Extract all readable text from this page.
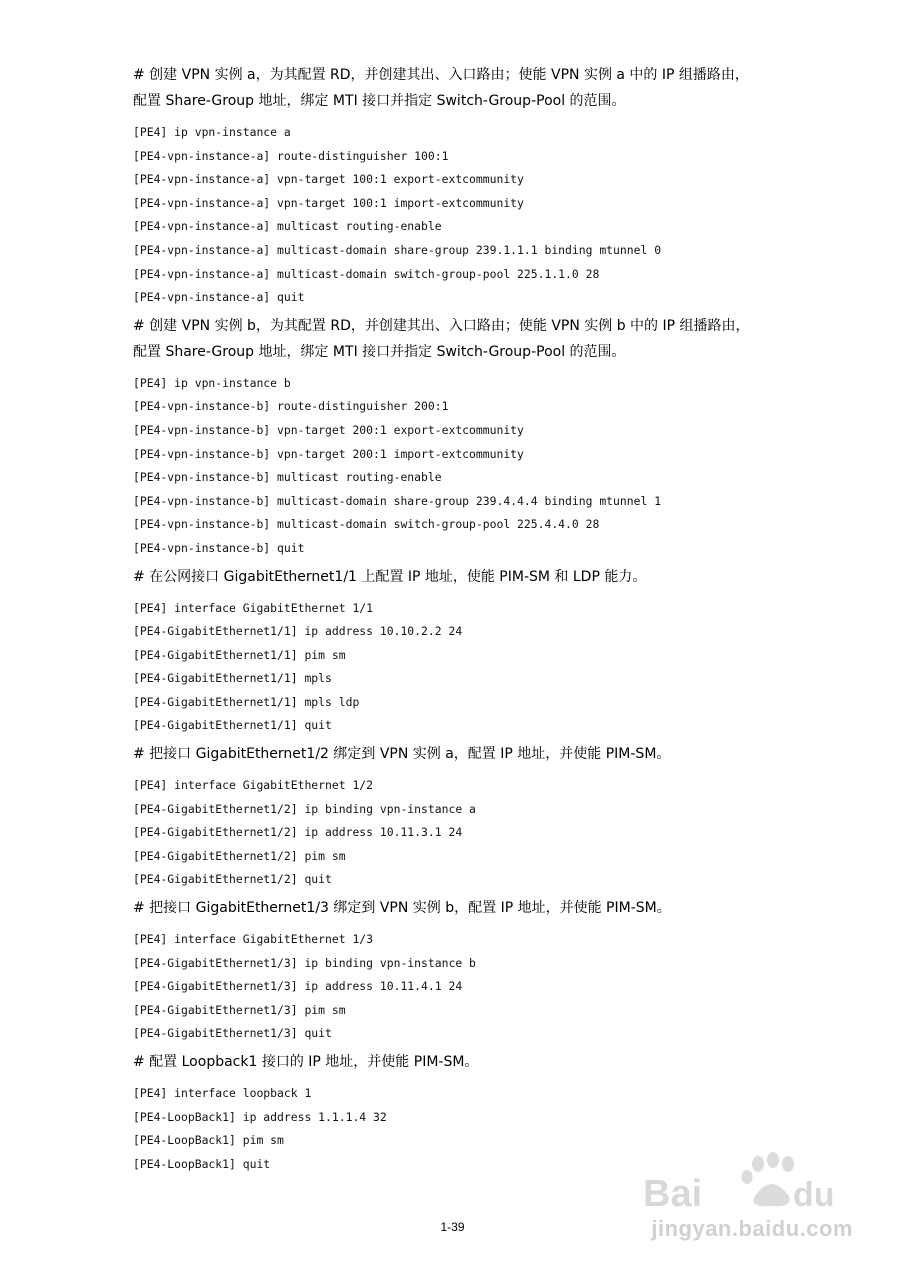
# 创建 VPN 实例 a，为其配置 RD，并创建其出、入口路由；使能 VPN 实例 a 中的 IP 组播路由，

配置 Share-Group 地址，绑定 MTI 接口并指定 Switch-Group-Pool 的范围。

[PE4] ip vpn-instance a
[PE4-vpn-instance-a] route-distinguisher 100:1
[PE4-vpn-instance-a] vpn-target 100:1 export-extcommunity
[PE4-vpn-instance-a] vpn-target 100:1 import-extcommunity
[PE4-vpn-instance-a] multicast routing-enable
[PE4-vpn-instance-a] multicast-domain share-group 239.1.1.1 binding mtunnel 0
[PE4-vpn-instance-a] multicast-domain switch-group-pool 225.1.1.0 28
[PE4-vpn-instance-a] quit

# 创建 VPN 实例 b，为其配置 RD，并创建其出、入口路由；使能 VPN 实例 b 中的 IP 组播路由，

配置 Share-Group 地址，绑定 MTI 接口并指定 Switch-Group-Pool 的范围。

[PE4] ip vpn-instance b
[PE4-vpn-instance-b] route-distinguisher 200:1
[PE4-vpn-instance-b] vpn-target 200:1 export-extcommunity
[PE4-vpn-instance-b] vpn-target 200:1 import-extcommunity
[PE4-vpn-instance-b] multicast routing-enable
[PE4-vpn-instance-b] multicast-domain share-group 239.4.4.4 binding mtunnel 1
[PE4-vpn-instance-b] multicast-domain switch-group-pool 225.4.4.0 28
[PE4-vpn-instance-b] quit

# 在公网接口 GigabitEthernet1/1 上配置 IP 地址，使能 PIM-SM 和 LDP 能力。

[PE4] interface GigabitEthernet 1/1
[PE4-GigabitEthernet1/1] ip address 10.10.2.2 24
[PE4-GigabitEthernet1/1] pim sm
[PE4-GigabitEthernet1/1] mpls
[PE4-GigabitEthernet1/1] mpls ldp
[PE4-GigabitEthernet1/1] quit

# 把接口 GigabitEthernet1/2 绑定到 VPN 实例 a，配置 IP 地址，并使能 PIM-SM。

[PE4] interface GigabitEthernet 1/2
[PE4-GigabitEthernet1/2] ip binding vpn-instance a
[PE4-GigabitEthernet1/2] ip address 10.11.3.1 24
[PE4-GigabitEthernet1/2] pim sm
[PE4-GigabitEthernet1/2] quit

# 把接口 GigabitEthernet1/3 绑定到 VPN 实例 b，配置 IP 地址，并使能 PIM-SM。

[PE4] interface GigabitEthernet 1/3
[PE4-GigabitEthernet1/3] ip binding vpn-instance b
[PE4-GigabitEthernet1/3] ip address 10.11.4.1 24
[PE4-GigabitEthernet1/3] pim sm
[PE4-GigabitEthernet1/3] quit

# 配置 Loopback1 接口的 IP 地址，并使能 PIM-SM。

[PE4] interface loopback 1
[PE4-LoopBack1] ip address 1.1.1.4 32
[PE4-LoopBack1] pim sm
[PE4-LoopBack1] quit
1-39
Bai	du
jingyan.baidu.com
